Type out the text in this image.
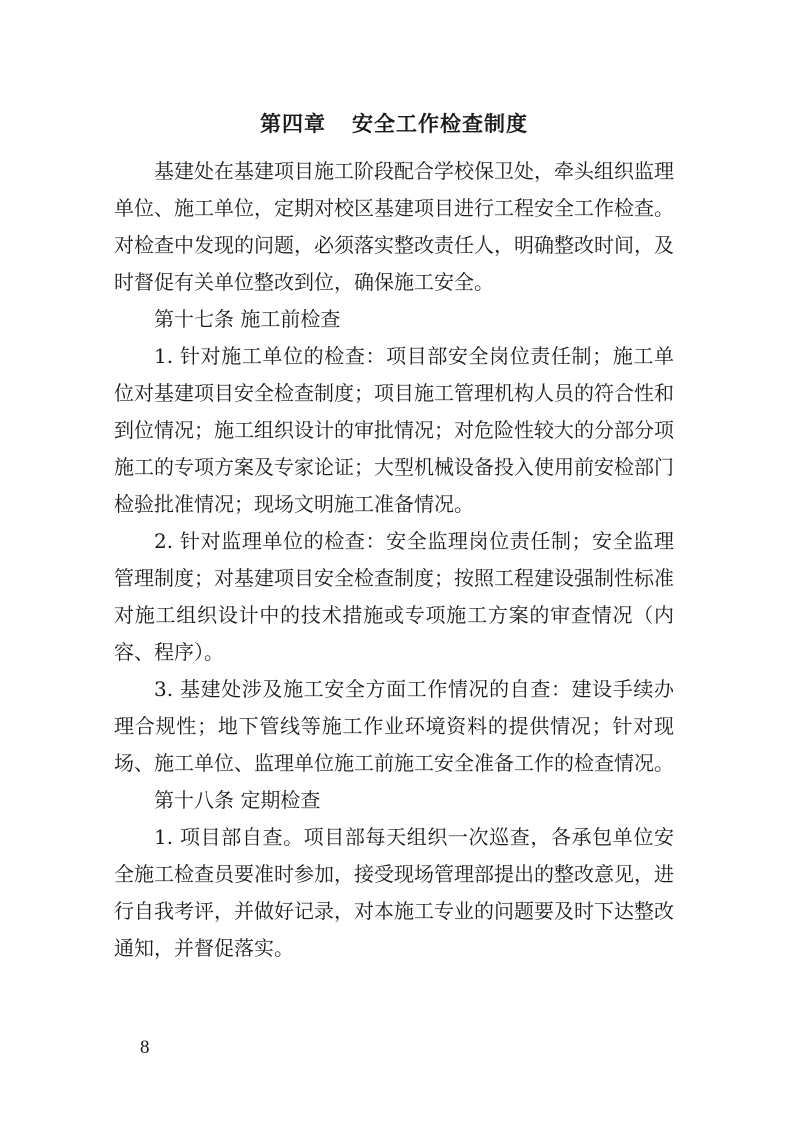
第四章 安全工作检查制度

基建处在基建项目施工阶段配合学校保卫处，牵头组织监理单位、施工单位，定期对校区基建项目进行工程安全工作检查。对检查中发现的问题，必须落实整改责任人，明确整改时间，及时督促有关单位整改到位，确保施工安全。

第十七条 施工前检查

1. 针对施工单位的检查：项目部安全岗位责任制；施工单位对基建项目安全检查制度；项目施工管理机构人员的符合性和到位情况；施工组织设计的审批情况；对危险性较大的分部分项施工的专项方案及专家论证；大型机械设备投入使用前安检部门检验批准情况；现场文明施工准备情况。

2. 针对监理单位的检查：安全监理岗位责任制；安全监理管理制度；对基建项目安全检查制度；按照工程建设强制性标准对施工组织设计中的技术措施或专项施工方案的审查情况（内容、程序）。

3. 基建处涉及施工安全方面工作情况的自查：建设手续办理合规性；地下管线等施工作业环境资料的提供情况；针对现场、施工单位、监理单位施工前施工安全准备工作的检查情况。

第十八条 定期检查

1. 项目部自查。项目部每天组织一次巡查，各承包单位安全施工检查员要准时参加，接受现场管理部提出的整改意见，进行自我考评，并做好记录，对本施工专业的问题要及时下达整改通知，并督促落实。

8
